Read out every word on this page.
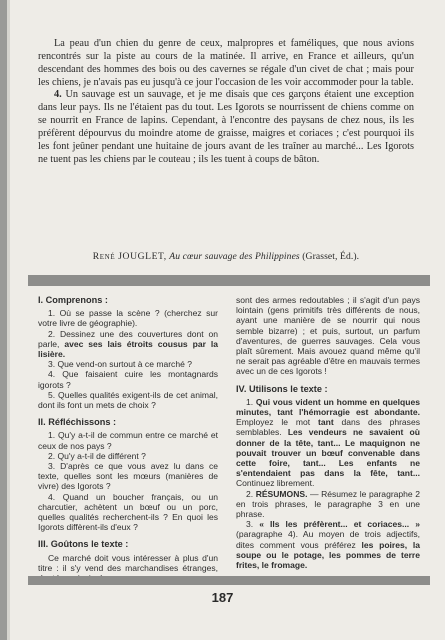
La peau d'un chien du genre de ceux, malpropres et faméliques, que nous avions rencontrés sur la piste au cours de la matinée. Il arrive, en France et ailleurs, qu'un descendant des hommes des bois ou des cavernes se régale d'un civet de chat ; mais pour les chiens, je n'avais pas eu jusqu'à ce jour l'occasion de les voir accommoder pour la table.

4. Un sauvage est un sauvage, et je me disais que ces garçons étaient une exception dans leur pays. Ils ne l'étaient pas du tout. Les Igorots se nourrissent de chiens comme on se nourrit en France de lapins. Cependant, à l'encontre des paysans de chez nous, ils les préfèrent dépourvus du moindre atome de graisse, maigres et coriaces ; c'est pourquoi ils les font jeûner pendant une huitaine de jours avant de les traîner au marché... Les Igorots ne tuent pas les chiens par le couteau ; ils les tuent à coups de bâton.

René JOUGLET, Au cœur sauvage des Philippines (Grasset, Éd.).
I. Comprenons :

1. Où se passe la scène ? (cherchez sur votre livre de géographie).

2. Dessinez une des couvertures dont on parle, avec ses lais étroits cousus par la lisière.

3. Que vend-on surtout à ce marché ?

4. Que faisaient cuire les montagnards igorots ?

5. Quelles qualités exigent-ils de cet animal, dont ils font un mets de choix ?

II. Réfléchissons :

1. Qu'y a-t-il de commun entre ce marché et ceux de nos pays ?

2. Qu'y a-t-il de différent ?

3. D'après ce que vous avez lu dans ce texte, quelles sont les mœurs (manières de vivre) des Igorots ?

4. Quand un boucher français, ou un charcutier, achètent un bœuf ou un porc, quelles qualités recherchent-ils ? En quoi les Igorots diffèrent-ils d'eux ?

III. Goûtons le texte :

Ce marché doit vous intéresser à plus d'un titre : il s'y vend des marchandises étranges,

sont des armes redoutables ; il s'agit d'un pays lointain (gens primitifs très différents de nous, ayant une manière de se nourrir qui nous semble bizarre) ; et puis, surtout, un parfum d'aventures, de guerres sauvages. Cela vous plaît sûrement. Mais avouez quand même qu'il ne serait pas agréable d'être en mauvais termes avec un de ces Igorots !

IV. Utilisons le texte :

1. Qui vous vident un homme en quelques minutes, tant l'hémorragie est abondante. Employez le mot tant dans des phrases semblables. Les vendeurs ne savaient où donner de la tête, tant... Le maquignon ne pouvait trouver un bœuf convenable dans cette foire, tant... Les enfants ne s'entendaient pas dans la fête, tant... Continuez librement.

2. RÉSUMONS. — Résumez le paragraphe 2 en trois phrases, le paragraphe 3 en une phrase.

3. « Ils les préfèrent... et coriaces... » (paragraphe 4). Au moyen de trois adjectifs, dites comment vous préférez les poires, la soupe ou le potage, les pommes de terre frites, le fromage.

187
